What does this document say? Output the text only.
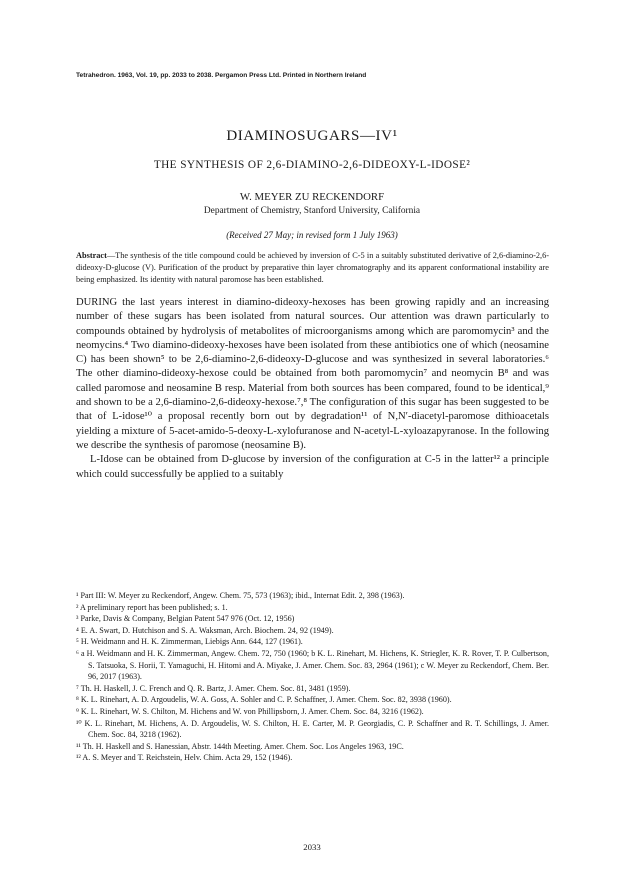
Tetrahedron. 1963, Vol. 19, pp. 2033 to 2038. Pergamon Press Ltd. Printed in Northern Ireland
DIAMINOSUGARS—IV¹
THE SYNTHESIS OF 2,6-DIAMINO-2,6-DIDEOXY-L-IDOSE²
W. MEYER ZU RECKENDORF
Department of Chemistry, Stanford University, California
(Received 27 May; in revised form 1 July 1963)
Abstract—The synthesis of the title compound could be achieved by inversion of C-5 in a suitably substituted derivative of 2,6-diamino-2,6-dideoxy-D-glucose (V). Purification of the product by preparative thin layer chromatography and its apparent conformational instability are being emphasized. Its identity with natural paromose has been established.

DURING the last years interest in diamino-dideoxy-hexoses has been growing rapidly and an increasing number of these sugars has been isolated from natural sources. Our attention was drawn particularly to compounds obtained by hydrolysis of metabolites of microorganisms among which are paromomycin³ and the neomycins.⁴ Two diamino-dideoxy-hexoses have been isolated from these antibiotics one of which (neosamine C) has been shown⁵ to be 2,6-diamino-2,6-dideoxy-D-glucose and was synthesized in several laboratories.⁶ The other diamino-dideoxy-hexose could be obtained from both paromomycin⁷ and neomycin B⁸ and was called paromose and neosamine B resp. Material from both sources has been compared, found to be identical,⁹ and shown to be a 2,6-diamino-2,6-dideoxy-hexose.⁷,⁸ The configuration of this sugar has been suggested to be that of L-idose¹⁰ a proposal recently born out by degradation¹¹ of N,N′-diacetyl-paromose dithioacetals yielding a mixture of 5-acet-amido-5-deoxy-L-xylofuranose and N-acetyl-L-xyloazapyranose. In the following we describe the synthesis of paromose (neosamine B).

L-Idose can be obtained from D-glucose by inversion of the configuration at C-5 in the latter¹² a principle which could successfully be applied to a suitably

¹ Part III: W. Meyer zu Reckendorf, Angew. Chem. 75, 573 (1963); ibid., Internat Edit. 2, 398 (1963).
² A preliminary report has been published; s. 1.
³ Parke, Davis & Company, Belgian Patent 547 976 (Oct. 12, 1956)
⁴ E. A. Swart, D. Hutchison and S. A. Waksman, Arch. Biochem. 24, 92 (1949).
⁵ H. Weidmann and H. K. Zimmerman, Liebigs Ann. 644, 127 (1961).
⁶ a H. Weidmann and H. K. Zimmerman, Angew. Chem. 72, 750 (1960; b K. L. Rinehart, M. Hichens, K. Striegler, K. R. Rover, T. P. Culbertson, S. Tatsuoka, S. Horii, T. Yamaguchi, H. Hitomi and A. Miyake, J. Amer. Chem. Soc. 83, 2964 (1961); c W. Meyer zu Reckendorf, Chem. Ber. 96, 2017 (1963).
⁷ Th. H. Haskell, J. C. French and Q. R. Bartz, J. Amer. Chem. Soc. 81, 3481 (1959).
⁸ K. L. Rinehart, A. D. Argoudelis, W. A. Goss, A. Sohler and C. P. Schaffner, J. Amer. Chem. Soc. 82, 3938 (1960).
⁹ K. L. Rinehart, W. S. Chilton, M. Hichens and W. von Phillipsborn, J. Amer. Chem. Soc. 84, 3216 (1962).
¹⁰ K. L. Rinehart, M. Hichens, A. D. Argoudelis, W. S. Chilton, H. E. Carter, M. P. Georgiadis, C. P. Schaffner and R. T. Schillings, J. Amer. Chem. Soc. 84, 3218 (1962).
¹¹ Th. H. Haskell and S. Hanessian, Abstr. 144th Meeting. Amer. Chem. Soc. Los Angeles 1963, 19C.
¹² A. S. Meyer and T. Reichstein, Helv. Chim. Acta 29, 152 (1946).
2033
